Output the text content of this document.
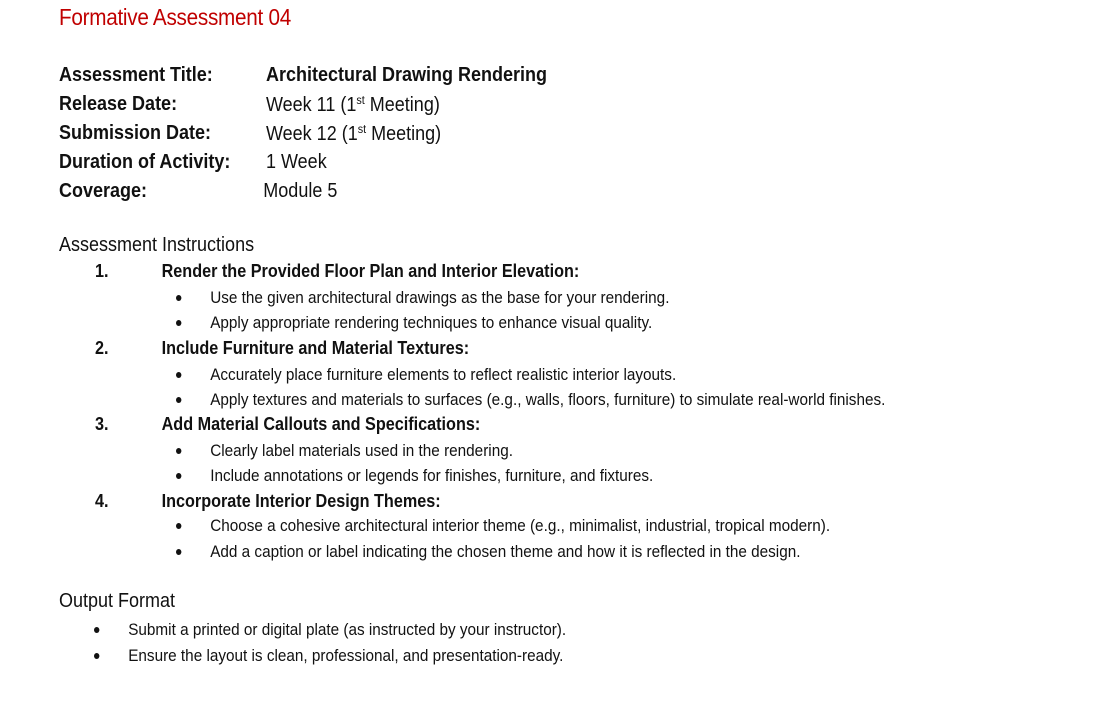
Formative Assessment 04
Assessment Title:	Architectural Drawing Rendering
Release Date:	Week 11 (1st Meeting)
Submission Date:	Week 12 (1st Meeting)
Duration of Activity: 1 Week
Coverage:	Module 5
Assessment Instructions
1.	Render the Provided Floor Plan and Interior Elevation:
Use the given architectural drawings as the base for your rendering.
Apply appropriate rendering techniques to enhance visual quality.
2.	Include Furniture and Material Textures:
Accurately place furniture elements to reflect realistic interior layouts.
Apply textures and materials to surfaces (e.g., walls, floors, furniture) to simulate real-world finishes.
3.	Add Material Callouts and Specifications:
Clearly label materials used in the rendering.
Include annotations or legends for finishes, furniture, and fixtures.
4.	Incorporate Interior Design Themes:
Choose a cohesive architectural interior theme (e.g., minimalist, industrial, tropical modern).
Add a caption or label indicating the chosen theme and how it is reflected in the design.
Output Format
Submit a printed or digital plate (as instructed by your instructor).
Ensure the layout is clean, professional, and presentation-ready.
